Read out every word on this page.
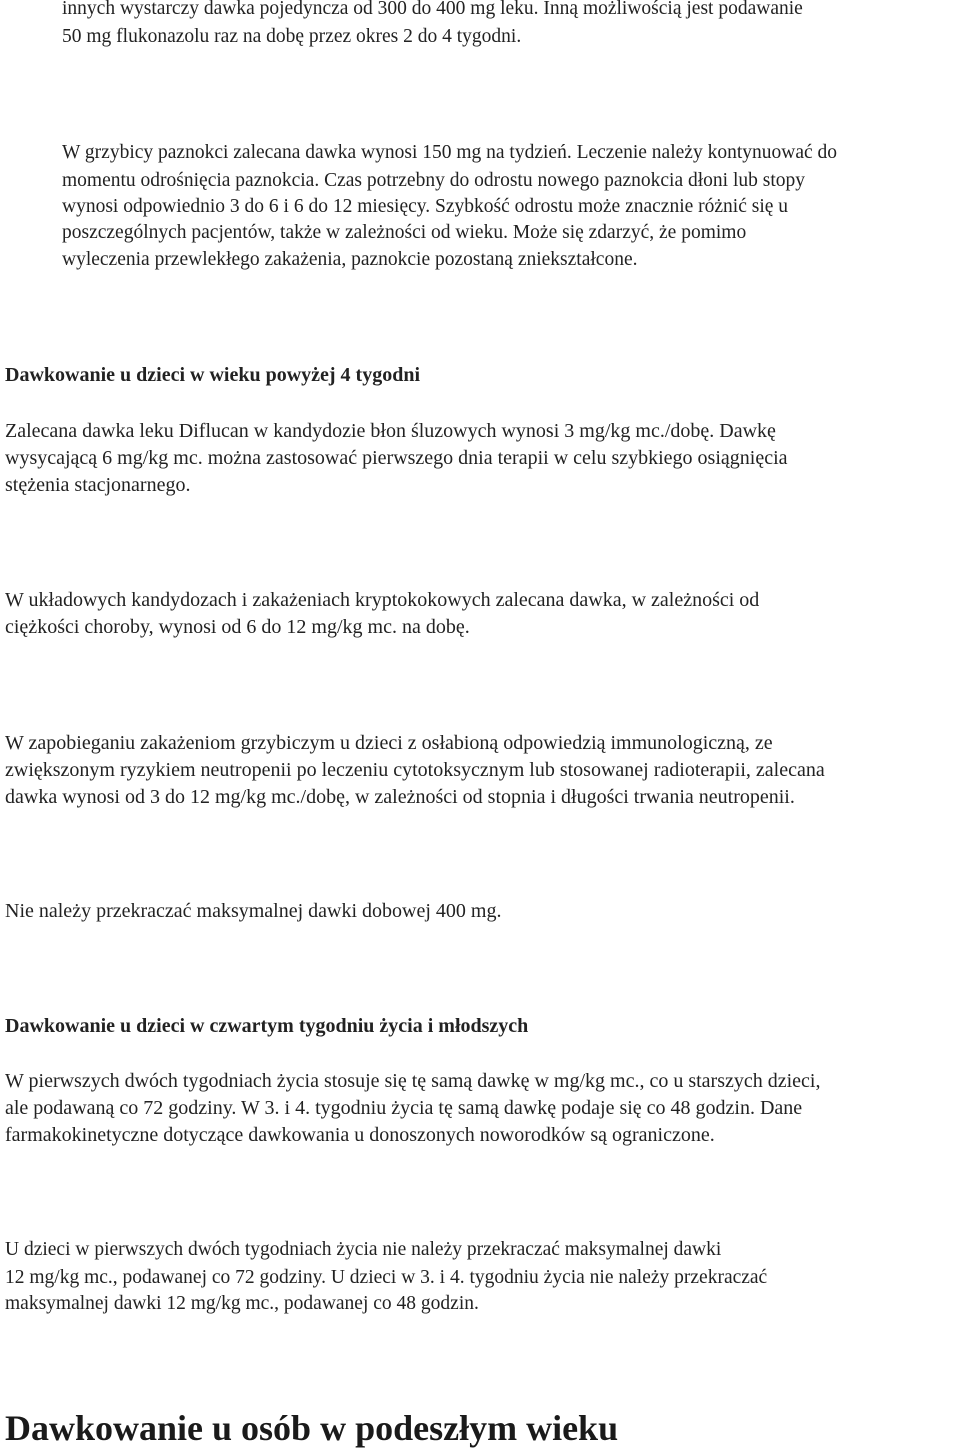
innych wystarczy dawka pojedyncza od 300 do 400 mg leku. Inną możliwością jest podawanie

50 mg flukonazolu raz na dobę przez okres 2 do 4 tygodni.

W grzybicy paznokci zalecana dawka wynosi 150 mg na tydzień. Leczenie należy kontynuować do

momentu odrośnięcia paznokcia. Czas potrzebny do odrostu nowego paznokcia dłoni lub stopy

wynosi odpowiednio 3 do 6 i 6 do 12 miesięcy. Szybkość odrostu może znacznie różnić się u

poszczególnych pacjentów, także w zależności od wieku. Może się zdarzyć, że pomimo

wyleczenia przewlekłego zakażenia, paznokcie pozostaną zniekształcone.

Dawkowanie u dzieci w wieku powyżej 4 tygodni

Zalecana dawka leku Diflucan w kandydozie błon śluzowych wynosi 3 mg/kg mc./dobę. Dawkę

wysycającą 6 mg/kg mc. można zastosować pierwszego dnia terapii w celu szybkiego osiągnięcia

stężenia stacjonarnego.

W układowych kandydozach i zakażeniach kryptokokowych zalecana dawka, w zależności od

ciężkości choroby, wynosi od 6 do 12 mg/kg mc. na dobę.

W zapobieganiu zakażeniom grzybiczym u dzieci z osłabioną odpowiedzią immunologiczną, ze

zwiększonym ryzykiem neutropenii po leczeniu cytotoksycznym lub stosowanej radioterapii, zalecana

dawka wynosi od 3 do 12 mg/kg mc./dobę, w zależności od stopnia i długości trwania neutropenii.

Nie należy przekraczać maksymalnej dawki dobowej 400 mg.

Dawkowanie u dzieci w czwartym tygodniu życia i młodszych

W pierwszych dwóch tygodniach życia stosuje się tę samą dawkę w mg/kg mc., co u starszych dzieci,

ale podawaną co 72 godziny. W 3. i 4. tygodniu życia tę samą dawkę podaje się co 48 godzin. Dane

farmakokinetyczne dotyczące dawkowania u donoszonych noworodków są ograniczone.

U dzieci w pierwszych dwóch tygodniach życia nie należy przekraczać maksymalnej dawki

12 mg/kg mc., podawanej co 72 godziny. U dzieci w 3. i 4. tygodniu życia nie należy przekraczać

maksymalnej dawki 12 mg/kg mc., podawanej co 48 godzin.

Dawkowanie u osób w podeszłym wieku
